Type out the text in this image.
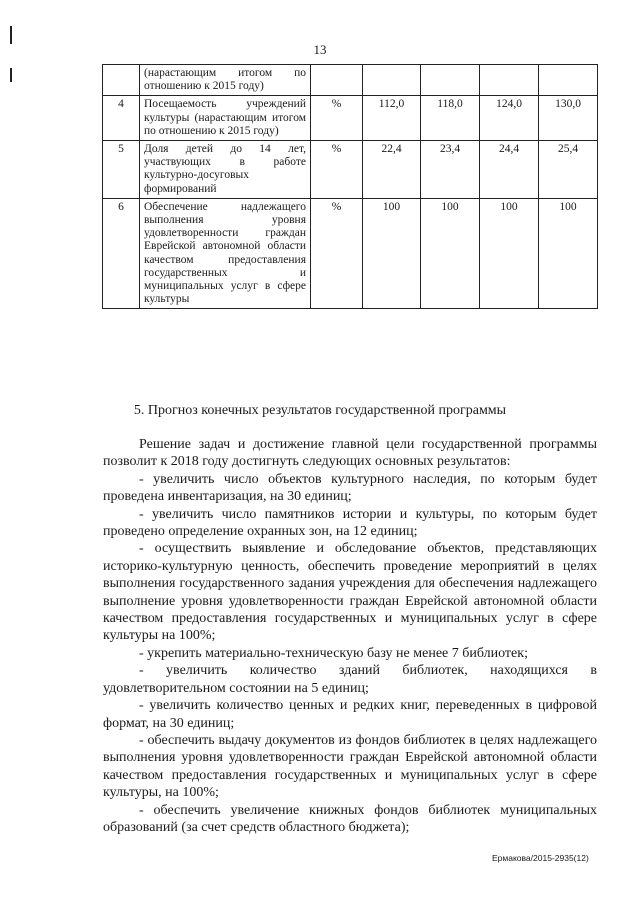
13
	(нарастающим итогом по отношению к 2015 году)					
4	Посещаемость учреждений культуры (нарастающим итогом по отношению к 2015 году)	%	112,0	118,0	124,0	130,0
5	Доля детей до 14 лет, участвующих в работе культурно-досуговых формирований	%	22,4	23,4	24,4	25,4
6	Обеспечение надлежащего выполнения уровня удовлетворенности граждан Еврейской автономной области качеством предоставления государственных и муниципальных услуг в сфере культуры	%	100	100	100	100
5. Прогноз конечных результатов государственной программы

Решение задач и достижение главной цели государственной программы позволит к 2018 году достигнуть следующих основных результатов:

- увеличить число объектов культурного наследия, по которым будет проведена инвентаризация, на 30 единиц;

- увеличить число памятников истории и культуры, по которым будет проведено определение охранных зон, на 12 единиц;

- осуществить выявление и обследование объектов, представляющих историко-культурную ценность, обеспечить проведение мероприятий в целях выполнения государственного задания учреждения для обеспечения надлежащего выполнение уровня удовлетворенности граждан Еврейской автономной области качеством предоставления государственных и муниципальных услуг в сфере культуры на 100%;

- укрепить материально-техническую базу не менее 7 библиотек;

- увеличить количество зданий библиотек, находящихся в удовлетворительном состоянии на 5 единиц;

- увеличить количество ценных и редких книг, переведенных в цифровой формат, на 30 единиц;

- обеспечить выдачу документов из фондов библиотек в целях надлежащего выполнения уровня удовлетворенности граждан Еврейской автономной области качеством предоставления государственных и муниципальных услуг в сфере культуры, на 100%;

- обеспечить увеличение книжных фондов библиотек муниципальных образований (за счет средств областного бюджета);

Ермакова/2015-2935(12)
